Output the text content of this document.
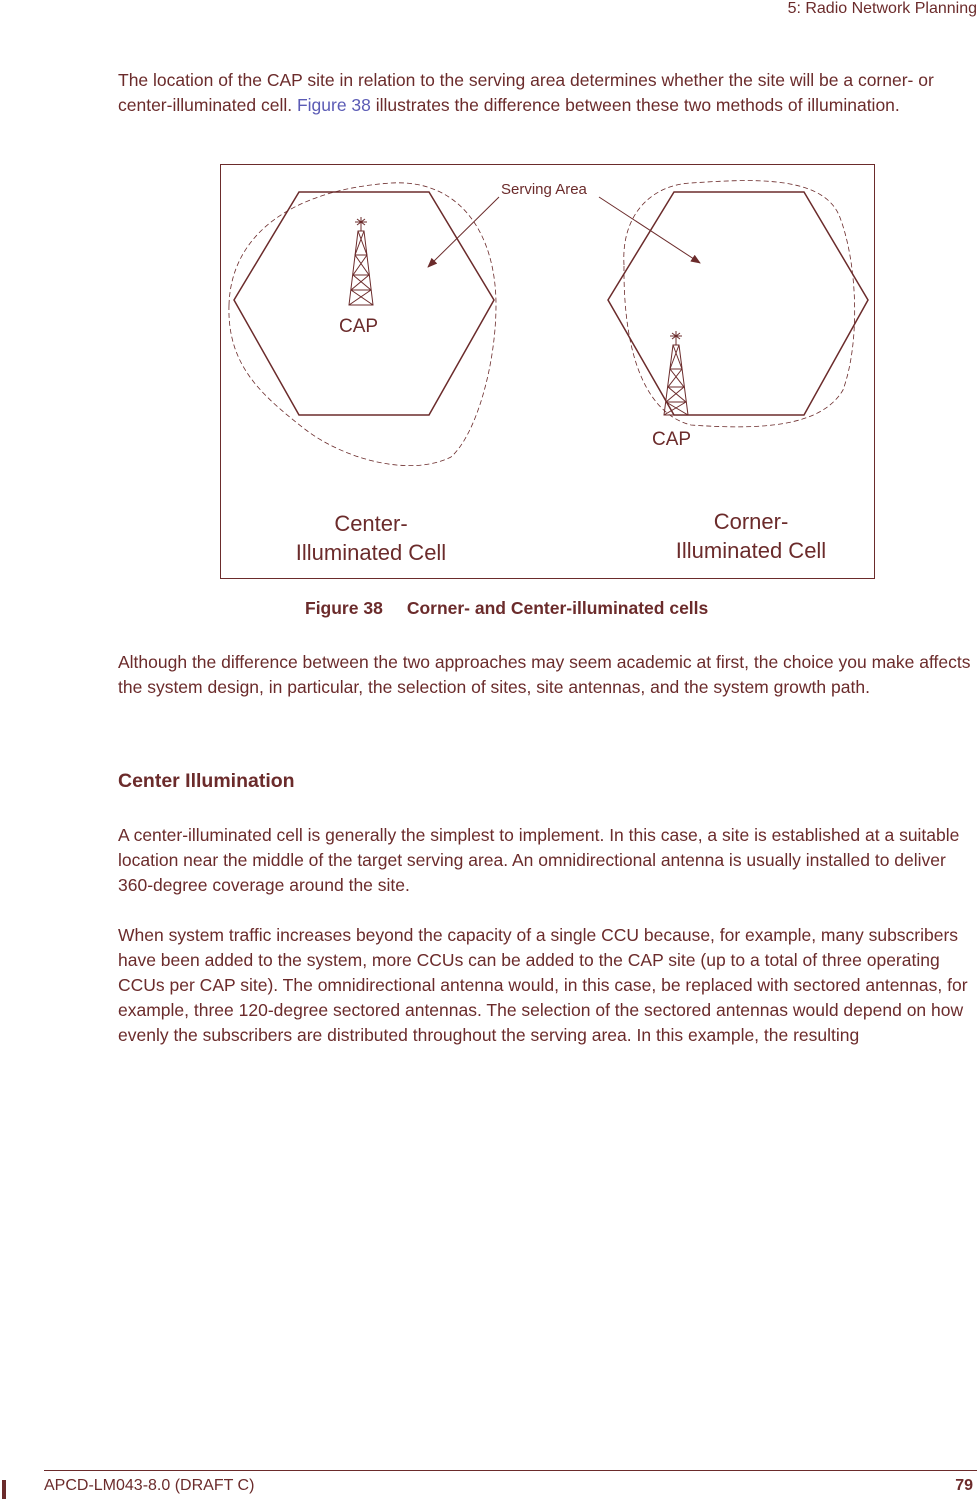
5: Radio Network Planning

The location of the CAP site in relation to the serving area determines whether the site will be a corner- or center-illuminated cell. Figure 38 illustrates the difference between these two methods of illumination.

Serving Area
CAP
CAP
Center-
Illuminated Cell
Corner-
Illuminated Cell
Figure 38 Corner- and Center-illuminated cells

Although the difference between the two approaches may seem academic at first, the choice you make affects the system design, in particular, the selection of sites, site antennas, and the system growth path.

Center Illumination

A center-illuminated cell is generally the simplest to implement. In this case, a site is established at a suitable location near the middle of the target serving area. An omnidirectional antenna is usually installed to deliver 360-degree coverage around the site.

When system traffic increases beyond the capacity of a single CCU because, for example, many subscribers have been added to the system, more CCUs can be added to the CAP site (up to a total of three operating CCUs per CAP site). The omnidirectional antenna would, in this case, be replaced with sectored antennas, for example, three 120-degree sectored antennas. The selection of the sectored antennas would depend on how evenly the subscribers are distributed throughout the serving area. In this example, the resulting

APCD-LM043-8.0 (DRAFT C)	79
